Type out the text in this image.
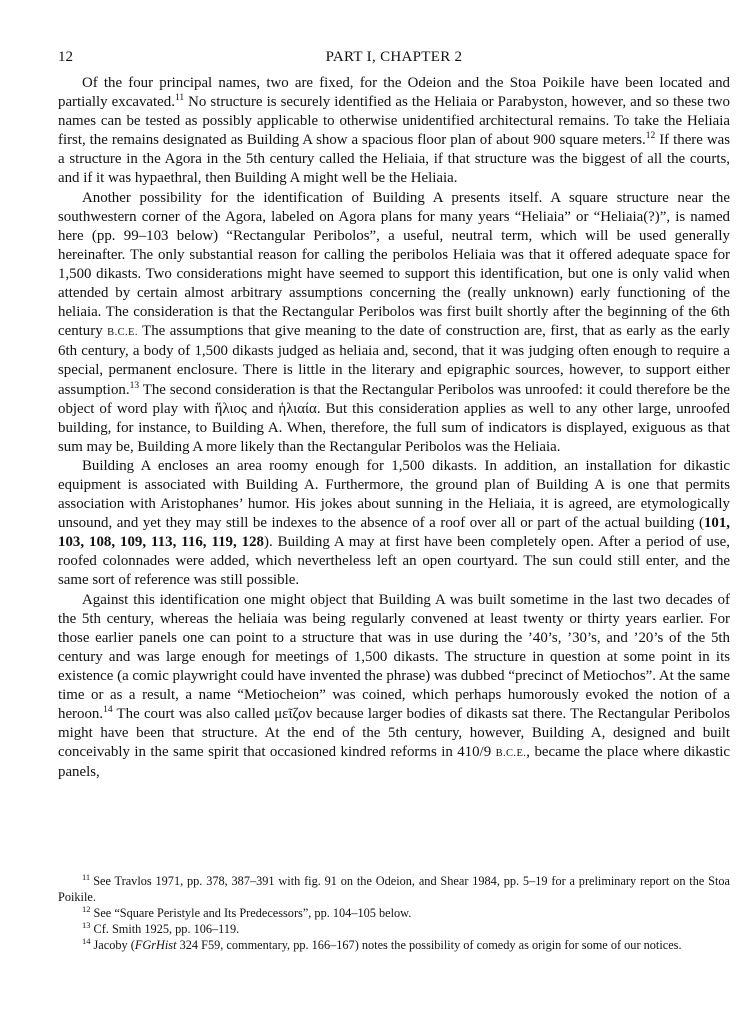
12	PART I, CHAPTER 2

Of the four principal names, two are fixed, for the Odeion and the Stoa Poikile have been located and partially excavated.$^{11}$ No structure is securely identified as the Heliaia or Parabyston, however, and so these two names can be tested as possibly applicable to otherwise unidentified architectural remains. To take the Heliaia first, the remains designated as Building A show a spacious floor plan of about 900 square meters.$^{12}$ If there was a structure in the Agora in the 5th century called the Heliaia, if that structure was the biggest of all the courts, and if it was hypaethral, then Building A might well be the Heliaia.

Another possibility for the identification of Building A presents itself. A square structure near the southwestern corner of the Agora, labeled on Agora plans for many years “Heliaia” or “Heliaia(?)”, is named here (pp. 99–103 below) “Rectangular Peribolos”, a useful, neutral term, which will be used generally hereinafter. The only substantial reason for calling the peribolos Heliaia was that it offered adequate space for 1,500 dikasts. Two considerations might have seemed to support this identification, but one is only valid when attended by certain almost arbitrary assumptions concerning the (really unknown) early functioning of the heliaia. The consideration is that the Rectangular Peribolos was first built shortly after the beginning of the 6th century B.C.E. The assumptions that give meaning to the date of construction are, first, that as early as the early 6th century, a body of 1,500 dikasts judged as heliaia and, second, that it was judging often enough to require a special, permanent enclosure. There is little in the literary and epigraphic sources, however, to support either assumption.$^{13}$ The second consideration is that the Rectangular Peribolos was unroofed: it could therefore be the object of word play with ἥλιος and ἡλιαία. But this consideration applies as well to any other large, unroofed building, for instance, to Building A. When, therefore, the full sum of indicators is displayed, exiguous as that sum may be, Building A more likely than the Rectangular Peribolos was the Heliaia.

Building A encloses an area roomy enough for 1,500 dikasts. In addition, an installation for dikastic equipment is associated with Building A. Furthermore, the ground plan of Building A is one that permits association with Aristophanes’ humor. His jokes about sunning in the Heliaia, it is agreed, are etymologically unsound, and yet they may still be indexes to the absence of a roof over all or part of the actual building (101, 103, 108, 109, 113, 116, 119, 128). Building A may at first have been completely open. After a period of use, roofed colonnades were added, which nevertheless left an open courtyard. The sun could still enter, and the same sort of reference was still possible.

Against this identification one might object that Building A was built sometime in the last two decades of the 5th century, whereas the heliaia was being regularly convened at least twenty or thirty years earlier. For those earlier panels one can point to a structure that was in use during the ’40’s, ’30’s, and ’20’s of the 5th century and was large enough for meetings of 1,500 dikasts. The structure in question at some point in its existence (a comic playwright could have invented the phrase) was dubbed “precinct of Metiochos”. At the same time or as a result, a name “Metiocheion” was coined, which perhaps humorously evoked the notion of a heroon.$^{14}$ The court was also called μεῖζον because larger bodies of dikasts sat there. The Rectangular Peribolos might have been that structure. At the end of the 5th century, however, Building A, designed and built conceivably in the same spirit that occasioned kindred reforms in 410/9 B.C.E., became the place where dikastic panels,

$^{11}$ See Travlos 1971, pp. 378, 387–391 with fig. 91 on the Odeion, and Shear 1984, pp. 5–19 for a preliminary report on the Stoa Poikile.

$^{12}$ See “Square Peristyle and Its Predecessors”, pp. 104–105 below.

$^{13}$ Cf. Smith 1925, pp. 106–119.

$^{14}$ Jacoby (FGrHist 324 F59, commentary, pp. 166–167) notes the possibility of comedy as origin for some of our notices.
